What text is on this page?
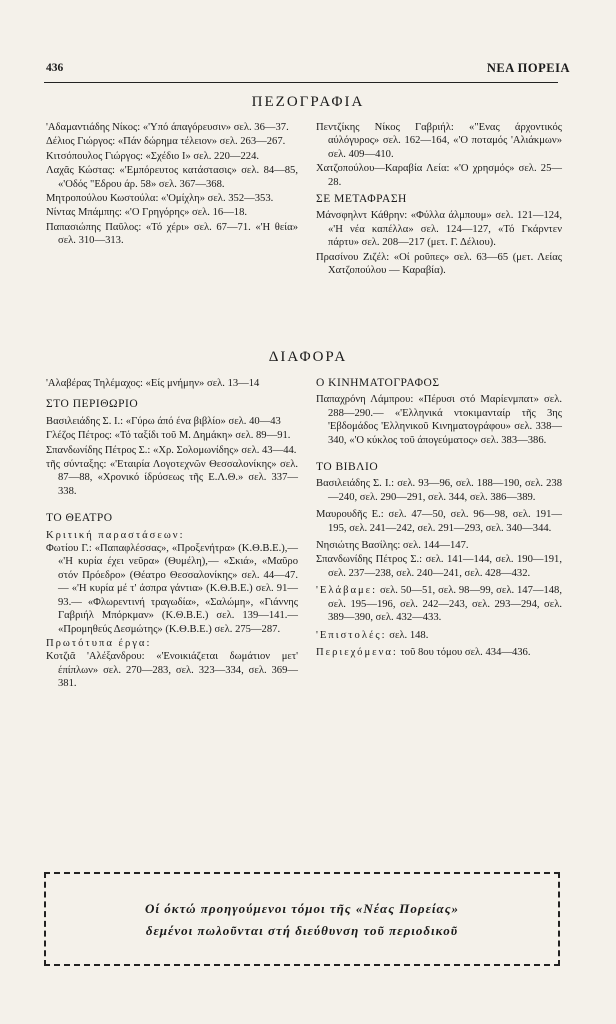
436	ΝΕΑ ΠΟΡΕΙΑ
ΠΕΖΟΓΡΑΦΙΑ

'Αδαμαντιάδης Νίκος: «'Υπό άπαγόρευσιν» σελ. 36—37.

Δέλιος Γιώργος: «Πάν δώρημα τέλειον» σελ. 263—267.

Κιτσόπουλος Γιώργος: «Σχέδιο Ι» σελ. 220—224.

Λαχᾶς Κώστας: «'Εμπόρευτος κατάστασις» σελ. 84—85, «'Οδός "Εδρου άρ. 58» σελ. 367—368.

Μητροπούλου Κωστούλα: «'Ομίχλη» σελ. 352—353.

Νίντας Μπάμπης: «'Ο Γρηγόρης» σελ. 16—18.

Παπασιώπης Παῦλος: «Τό χέρι» σελ. 67—71. «'Η θεία» σελ. 310—313.

Πεντζίκης Νίκος Γαβριήλ: «"Ενας άρχοντικός αύλόγυρος» σελ. 162—164, «'Ο ποταμός 'Αλιάκμων» σελ. 409—410.

Χατζοπούλου—Καραβία Λεία: «'Ο χρησμός» σελ. 25—28.

ΣΕ ΜΕΤΑΦΡΑΣΗ

Μάνσφηλντ Κάθρην: «Φύλλα άλμπουμ» σελ. 121—124, «'Η νέα καπέλλα» σελ. 124—127, «Τό Γκάρντεν πάρτυ» σελ. 208—217 (μετ. Γ. Δέλιου).

Πρασίνου Ζιζέλ: «Οί ροῦπες» σελ. 63—65 (μετ. Λείας Χατζοπούλου — Καραβία).

ΔΙΑΦΟΡΑ

'Αλαβέρας Τηλέμαχος: «Είς μνήμην» σελ. 13—14

ΣΤΟ ΠΕΡΙΘΩΡΙΟ

Βασιλειάδης Σ. Ι.: «Γύρω άπό ένα βιβλίο» σελ. 40—43

Γλέζος Πέτρος: «Τό ταξίδι τοῦ Μ. Δημάκη» σελ. 89—91.

Σπανδωνίδης Πέτρος Σ.: «Χρ. Σολομωνίδης» σελ. 43—44.

τῆς σύνταξης: «'Εταιρία Λογοτεχνῶν Θεσσαλονίκης» σελ. 87—88, «Χρονικό ίδρύσεως τῆς Ε.Λ.Θ.» σελ. 337—338.

ΤΟ ΘΕΑΤΡΟ
Κριτική παραστάσεων:

Φωτίου Γ.: «Παπαφλέσσας», «Προξενήτρα» (Κ.Θ.Β.Ε.),— «'Η κυρία έχει νεῦρα» (Θυμέλη),— «Σκιά», «Μαῦρο στόν Πρόεδρο» (Θέατρο Θεσσαλονίκης» σελ. 44—47.— «'Η κυρία μέ τ' άσπρα γάντια» (Κ.Θ.Β.Ε.) σελ. 91—93.— «Φλωρεντινή τραγωδία», «Σαλώμη», «Γιάννης Γαβριήλ Μπόρκμαν» (Κ.Θ.Β.Ε.) σελ. 139—141.— «Προμηθεύς Δεσμώτης» (Κ.Θ.Β.Ε.) σελ. 275—287.

Πρωτότυπα έργα:

Κοτζιᾶ 'Αλέξανδρου: «'Ενοικιάζεται δωμάτιον μετ' έπίπλων» σελ. 270—283, σελ. 323—334, σελ. 369—381.

Ο ΚΙΝΗΜΑΤΟΓΡΑΦΟΣ

Παπαχρόνη Λάμπρου: «Πέρυσι στό Μαρίενμπατ» σελ. 288—290.— «'Ελληνικά ντοκιμανταίρ τῆς 3ης 'Εβδομάδος 'Ελληνικοῦ Κινηματογράφου» σελ. 338—340, «'Ο κύκλος τοῦ άπογεύματος» σελ. 383—386.

ΤΟ ΒΙΒΛΙΟ

Βασιλειάδης Σ. Ι.: σελ. 93—96, σελ. 188—190, σελ. 238—240, σελ. 290—291, σελ. 344, σελ. 386—389.

Μαυρουδῆς Ε.: σελ. 47—50, σελ. 96—98, σελ. 191—195, σελ. 241—242, σελ. 291—293, σελ. 340—344.

Νησιώτης Βασίλης: σελ. 144—147.

Σπανδωνίδης Πέτρος Σ.: σελ. 141—144, σελ. 190—191, σελ. 237—238, σελ. 240—241, σελ. 428—432.

'Ελάβαμε: σελ. 50—51, σελ. 98—99, σελ. 147—148, σελ. 195—196, σελ. 242—243, σελ. 293—294, σελ. 389—390, σελ. 432—433.

'Επιστολές: σελ. 148.

Περιεχόμενα: τοῦ 8ου τόμου σελ. 434—436.

Οί όκτώ προηγούμενοι τόμοι τῆς «Νέας Πορείας»
δεμένοι πωλοῦνται στή διεύθυνση τοῦ περιοδικοῦ
